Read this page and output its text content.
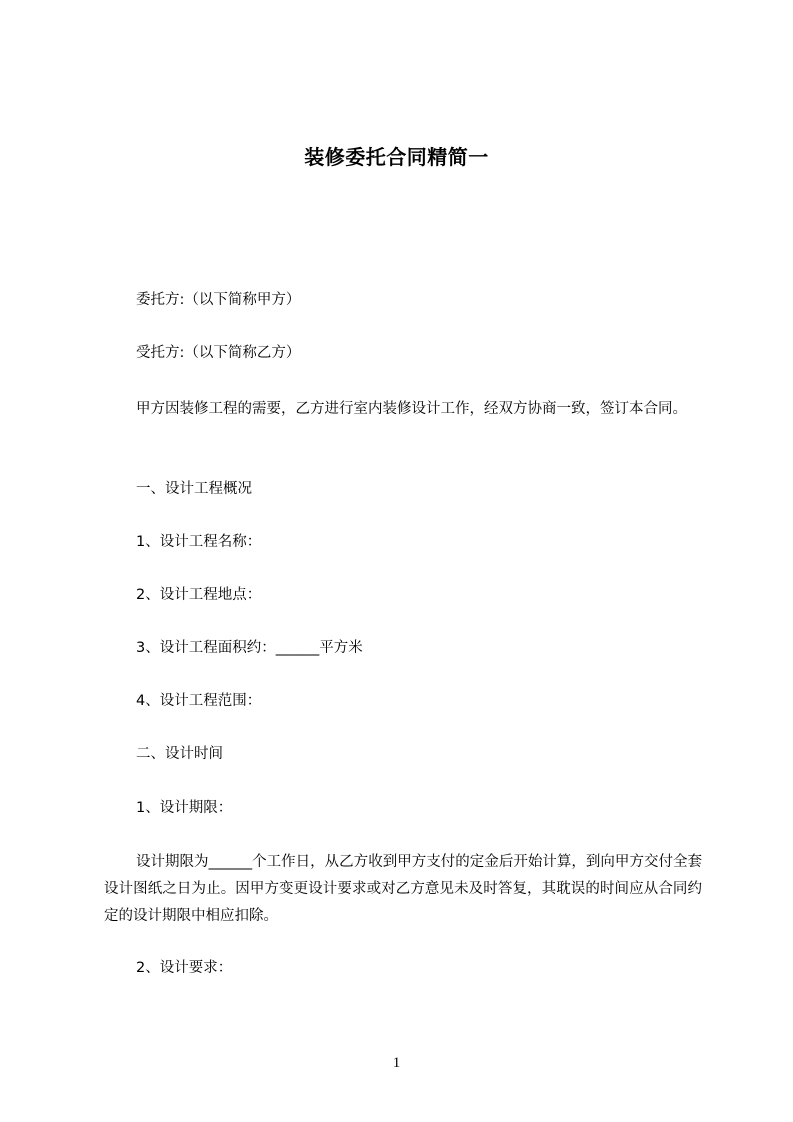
装修委托合同精简一
委托方:（以下简称甲方）
受托方:（以下简称乙方）
甲方因装修工程的需要，乙方进行室内装修设计工作，经双方协商一致，签订本合同。
一、设计工程概况
1、设计工程名称：
2、设计工程地点：
3、设计工程面积约：______平方米
4、设计工程范围：
二、设计时间
1、设计期限：
设计期限为______个工作日，从乙方收到甲方支付的定金后开始计算，到向甲方交付全套设计图纸之日为止。因甲方变更设计要求或对乙方意见未及时答复，其耽误的时间应从合同约定的设计期限中相应扣除。
2、设计要求：
1
